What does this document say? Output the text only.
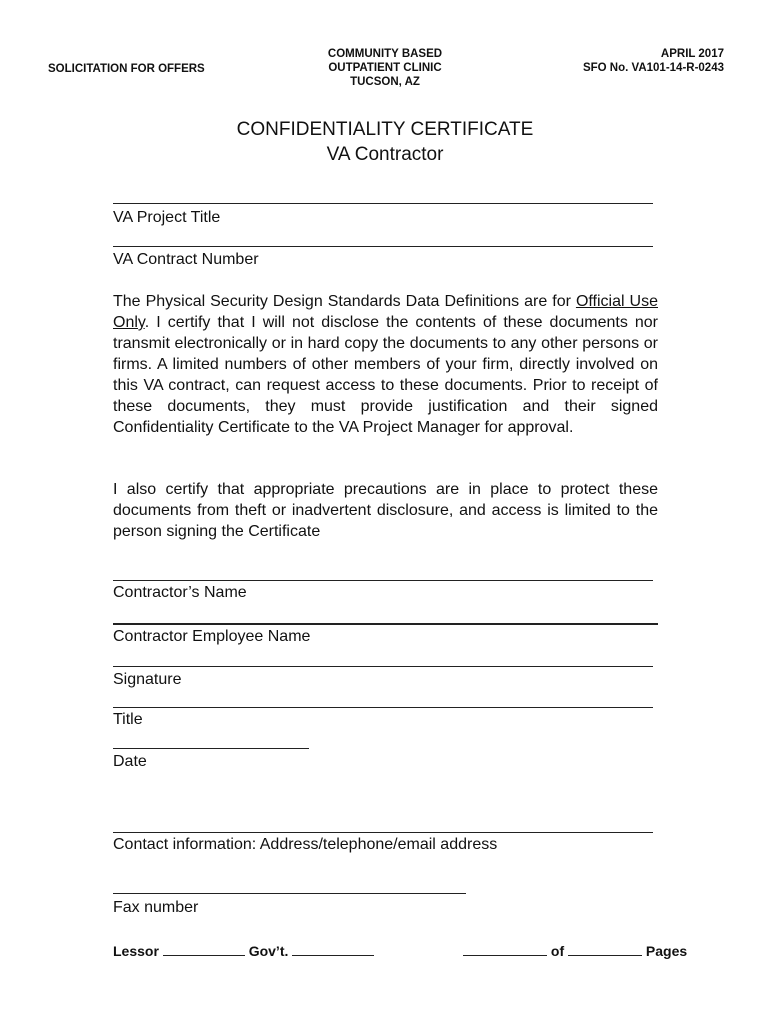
SOLICITATION FOR OFFERS
COMMUNITY BASED
OUTPATIENT CLINIC
TUCSON, AZ
APRIL 2017
SFO No. VA101-14-R-0243
CONFIDENTIALITY CERTIFICATE
VA Contractor
VA Project Title
VA Contract Number

The Physical Security Design Standards Data Definitions are for Official Use Only. I certify that I will not disclose the contents of these documents nor transmit electronically or in hard copy the documents to any other persons or firms. A limited numbers of other members of your firm, directly involved on this VA contract, can request access to these documents. Prior to receipt of these documents, they must provide justification and their signed Confidentiality Certificate to the VA Project Manager for approval.

I also certify that appropriate precautions are in place to protect these documents from theft or inadvertent disclosure, and access is limited to the person signing the Certificate

Contractor’s Name
Contractor Employee Name
Signature
Title
Date
Contact information: Address/telephone/email address
Fax number
Lessor	Gov’t.	of	Pages
